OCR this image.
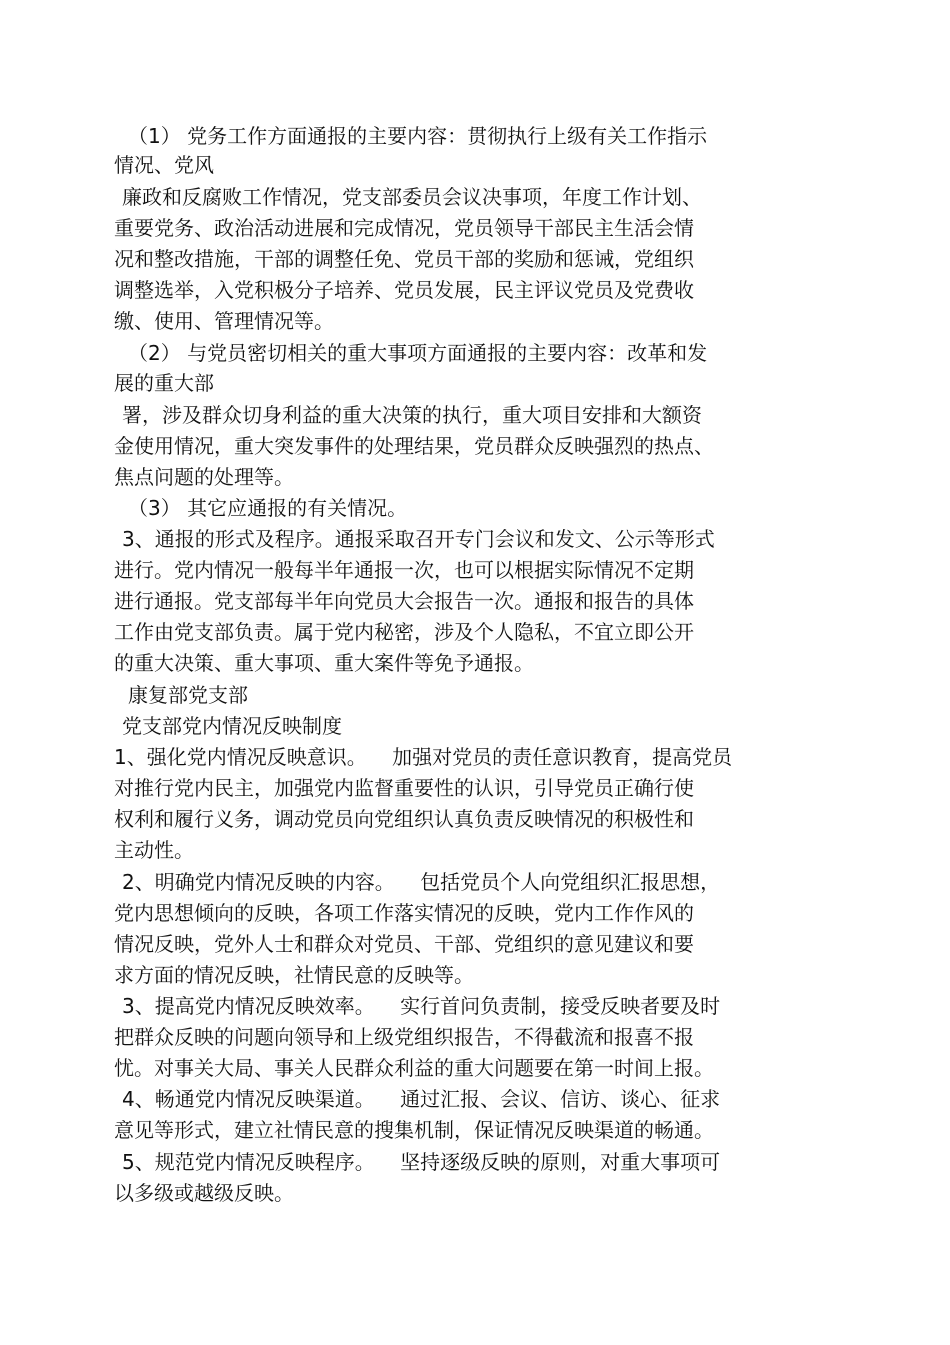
（1） 党务工作方面通报的主要内容：贯彻执行上级有关工作指示
情况、党风
廉政和反腐败工作情况，党支部委员会议决事项，年度工作计划、
重要党务、政治活动进展和完成情况，党员领导干部民主生活会情
况和整改措施，干部的调整任免、党员干部的奖励和惩诫，党组织
调整选举，入党积极分子培养、党员发展，民主评议党员及党费收
缴、使用、管理情况等。
（2） 与党员密切相关的重大事项方面通报的主要内容：改革和发
展的重大部
署，涉及群众切身利益的重大决策的执行，重大项目安排和大额资
金使用情况，重大突发事件的处理结果，党员群众反映强烈的热点、
焦点问题的处理等。
（3） 其它应通报的有关情况。
3、通报的形式及程序。通报采取召开专门会议和发文、公示等形式
进行。党内情况一般每半年通报一次，也可以根据实际情况不定期
进行通报。党支部每半年向党员大会报告一次。通报和报告的具体
工作由党支部负责。属于党内秘密，涉及个人隐私，不宜立即公开
的重大决策、重大事项、重大案件等免予通报。
康复部党支部
党支部党内情况反映制度
1、强化党内情况反映意识。    加强对党员的责任意识教育，提高党员
对推行党内民主，加强党内监督重要性的认识，引导党员正确行使
权利和履行义务，调动党员向党组织认真负责反映情况的积极性和
主动性。
2、明确党内情况反映的内容。    包括党员个人向党组织汇报思想，
党内思想倾向的反映，各项工作落实情况的反映，党内工作作风的
情况反映，党外人士和群众对党员、干部、党组织的意见建议和要
求方面的情况反映，社情民意的反映等。
3、提高党内情况反映效率。    实行首问负责制，接受反映者要及时
把群众反映的问题向领导和上级党组织报告，不得截流和报喜不报
忧。对事关大局、事关人民群众利益的重大问题要在第一时间上报。
4、畅通党内情况反映渠道。    通过汇报、会议、信访、谈心、征求
意见等形式，建立社情民意的搜集机制，保证情况反映渠道的畅通。
5、规范党内情况反映程序。    坚持逐级反映的原则，对重大事项可
以多级或越级反映。
